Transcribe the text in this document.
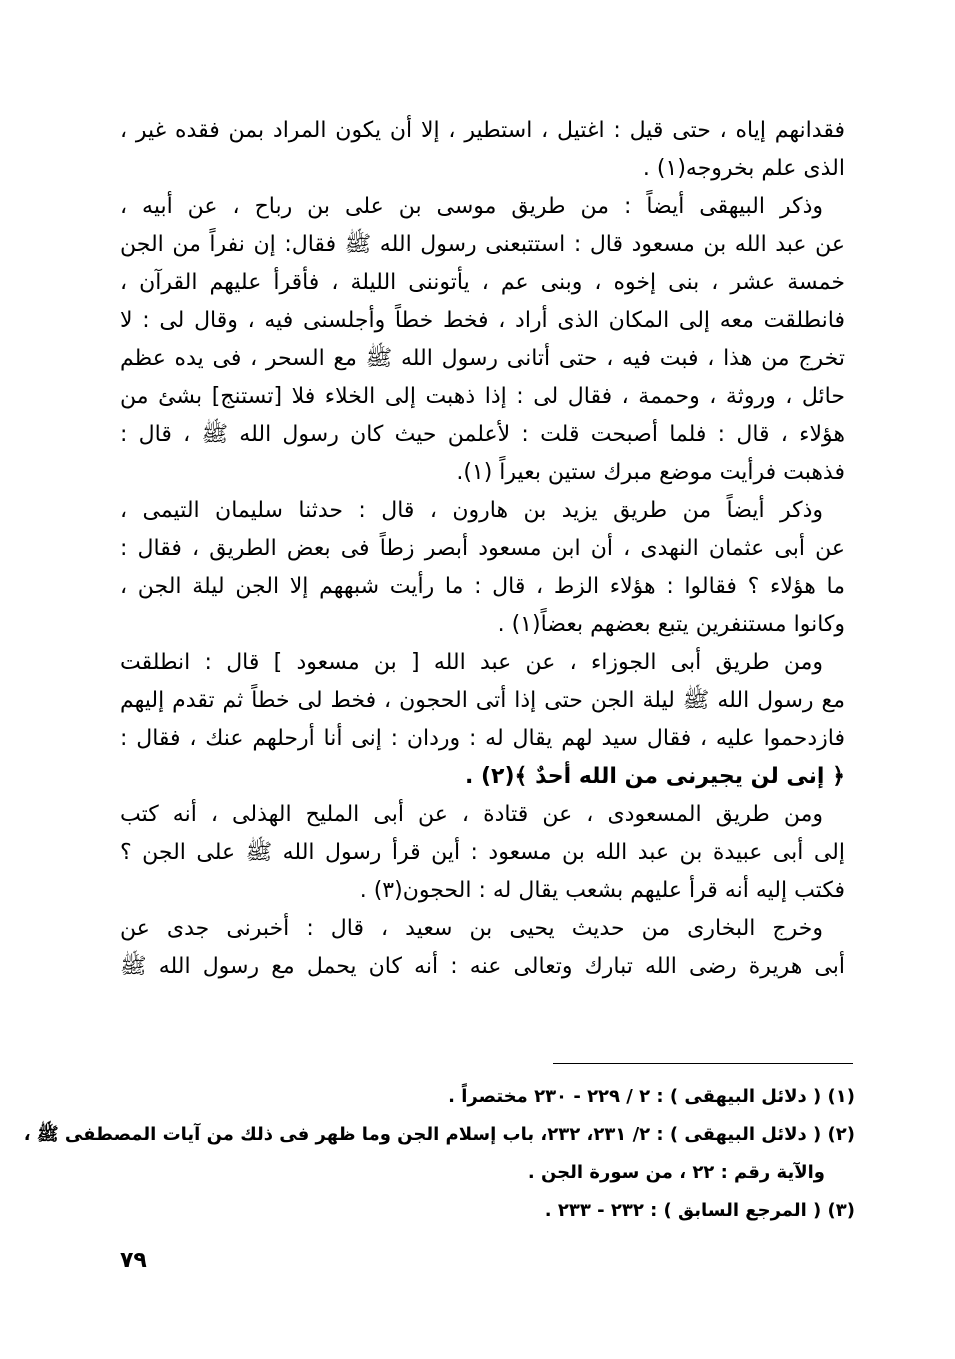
فقدانهم إياه ، حتى قيل : اغتيل ، استطير ، إلا أن يكون المراد بمن فقده غير ،
الذى علم بخروجه(١) .
وذكر البيهقى أيضاً : من طريق موسى بن على بن رباح ، عن أبيه ،
عن عبد الله بن مسعود قال : استتبعنى رسول الله ﷺ فقال: إن نفراً من الجن
خمسة عشر ، بنى إخوه ، وبنى عم ، يأتوننى الليلة ، فأقرأ عليهم القرآن ،
فانطلقت معه إلى المكان الذى أراد ، فخط خطاً وأجلسنى فيه ، وقال لى : لا
تخرج من هذا ، فبت فيه ، حتى أتانى رسول الله ﷺ مع السحر ، فى يده عظم
حائل ، وروثة ، وحممة ، فقال لى : إذا ذهبت إلى الخلاء فلا [تستنج] بشئ من
هؤلاء ، قال : فلما أصبحت قلت : لأعلمن حيث كان رسول الله ﷺ ، قال :
فذهبت فرأيت موضع مبرك ستين بعيراً (١).
وذكر أيضاً من طريق يزيد بن هارون ، قال : حدثنا سليمان التيمى ،
عن أبى عثمان النهدى ، أن ابن مسعود أبصر زطاً فى بعض الطريق ، فقال :
ما هؤلاء ؟ فقالوا : هؤلاء الزط ، قال : ما رأيت شبههم إلا الجن ليلة الجن ،
وكانوا مستنفرين يتبع بعضهم بعضاً(١) .
ومن طريق أبى الجوزاء ، عن عبد الله [ بن مسعود ] قال : انطلقت
مع رسول الله ﷺ ليلة الجن حتى إذا أتى الحجون ، فخط لى خطاً ثم تقدم إليهم
فازدحموا عليه ، فقال سيد لهم يقال له : وردان : إنى أنا أرحلهم عنك ، فقال :
﴿ إنى لن يجيرنى من الله أحدٌ ﴾(٢) .
ومن طريق المسعودى ، عن قتادة ، عن أبى المليح الهذلى ، أنه كتب
إلى أبى عبيدة بن عبد الله بن مسعود : أين قرأ رسول الله ﷺ على الجن ؟
فكتب إليه أنه قرأ عليهم بشعب يقال له : الحجون(٣) .
وخرج البخارى من حديث يحيى بن سعيد ، قال : أخبرنى جدى عن
أبى هريرة رضى الله تبارك وتعالى عنه : أنه كان يحمل مع رسول الله ﷺ
(١) ( دلائل البيهقى ) : ٢ / ٢٢٩ - ٢٣٠ مختصراً .
(٢) ( دلائل البيهقى ) : ٢/ ٢٣١، ٢٣٢، باب إسلام الجن وما ظهر فى ذلك من آيات المصطفى ﷺ ،
والآية رقم : ٢٢ ، من سورة الجن .
(٣) ( المرجع السابق ) : ٢٣٢ - ٢٣٣ .
٧٩
